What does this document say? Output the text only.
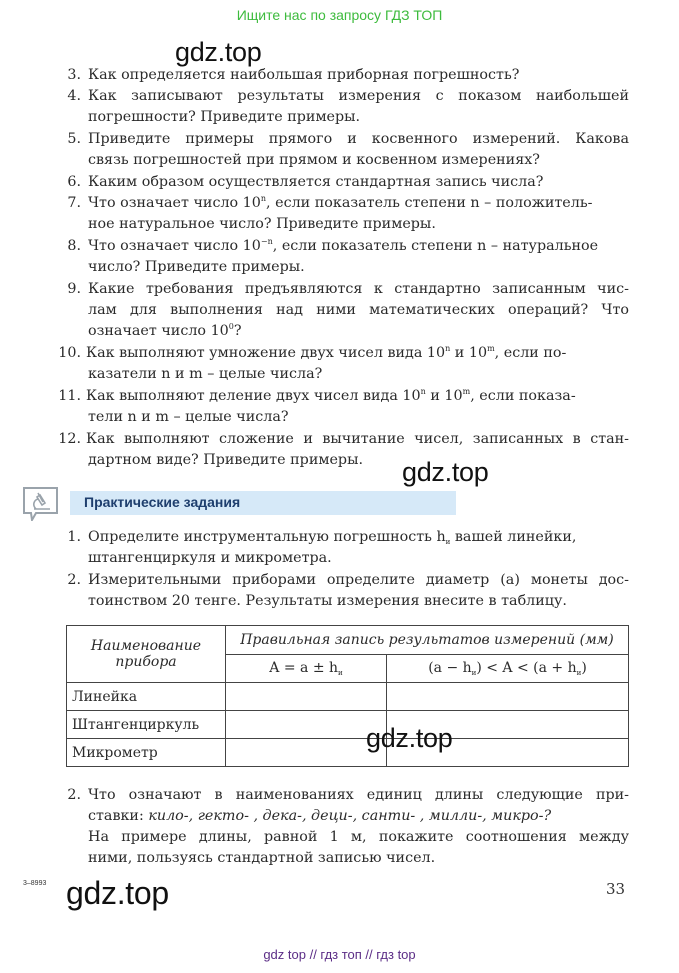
Ищите нас по запросу ГДЗ ТОП
gdz.top
gdz.top
gdz.top
gdz.top
3. Как определяется наибольшая приборная погрешность?
4. Как записывают результаты измерения с показом наибольшей
погрешности? Приведите примеры.
5. Приведите примеры прямого и косвенного измерений. Какова
связь погрешностей при прямом и косвенном измерениях?
6. Каким образом осуществляется стандартная запись числа?
7. Что означает число 10$^n$, если показатель степени n – положитель-
ное натуральное число? Приведите примеры.
8. Что означает число $10^{-n}$, если показатель степени n – натуральное
число? Приведите примеры.
9. Какие требования предъявляются к стандартно записанным чис-
лам для выполнения над ними математических операций? Что
означает число $10^0$?
10. Как выполняют умножение двух чисел вида 10$^n$ и 10$^m$, если по-
казатели n и m – целые числа?
11. Как выполняют деление двух чисел вида 10$^n$ и 10$^m$, если показа-
тели n и m – целые числа?
12. Как выполняют сложение и вычитание чисел, записанных в стан-
дартном виде? Приведите примеры.
Практические задания
1. Определите инструментальную погрешность $h_и$ вашей линейки,
штангенциркуля и микрометра.
2. Измерительными приборами определите диаметр (a) монеты дос-
тоинством 20 тенге. Результаты измерения внесите в таблицу.
Наименование прибора	Правильная запись результатов измерений (мм)	
	$A = a \pm h_и$	$(a - h_и) < A < (a + h_и)$
Линейка		
Штангенциркуль		
Микрометр		
2. Что означают в наименованиях единиц длины следующие при-
ставки: кило-, гекто- , дека-, деци-, санти- , милли-, микро-?
На примере длины, равной 1 м, покажите соотношения между
ними, пользуясь стандартной записью чисел.
3–8993	33
gdz top // гдз топ // гдз top
